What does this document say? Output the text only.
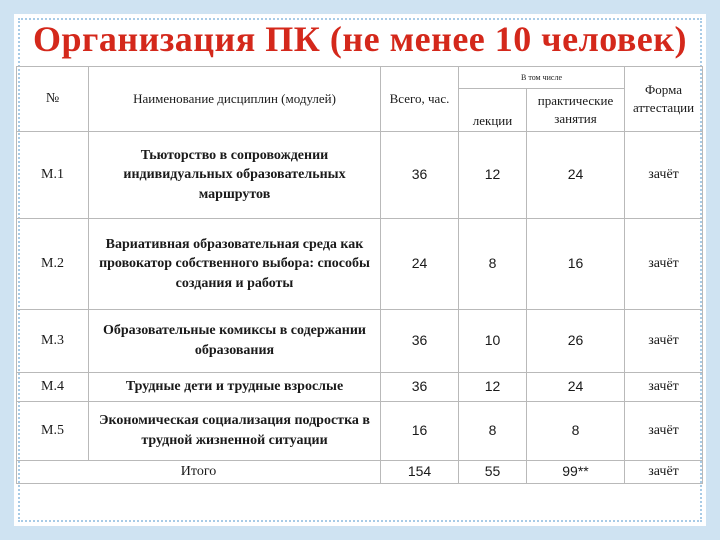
Организация ПК (не менее 10 человек)
№	Наименование дисциплин (модулей)	Всего, час.	В том числе		Форма аттестации
			лекции	практические занятия	
М.1	Тьюторство в сопровождении индивидуальных образовательных маршрутов	36	12	24	зачёт
М.2	Вариативная образовательная среда как провокатор собственного выбора: способы создания и работы	24	8	16	зачёт
М.3	Образовательные комиксы в содержании образования	36	10	26	зачёт
М.4	Трудные дети и трудные взрослые	36	12	24	зачёт
М.5	Экономическая социализация подростка в трудной жизненной ситуации	16	8	8	зачёт
Итого		154	55	99**	зачёт
